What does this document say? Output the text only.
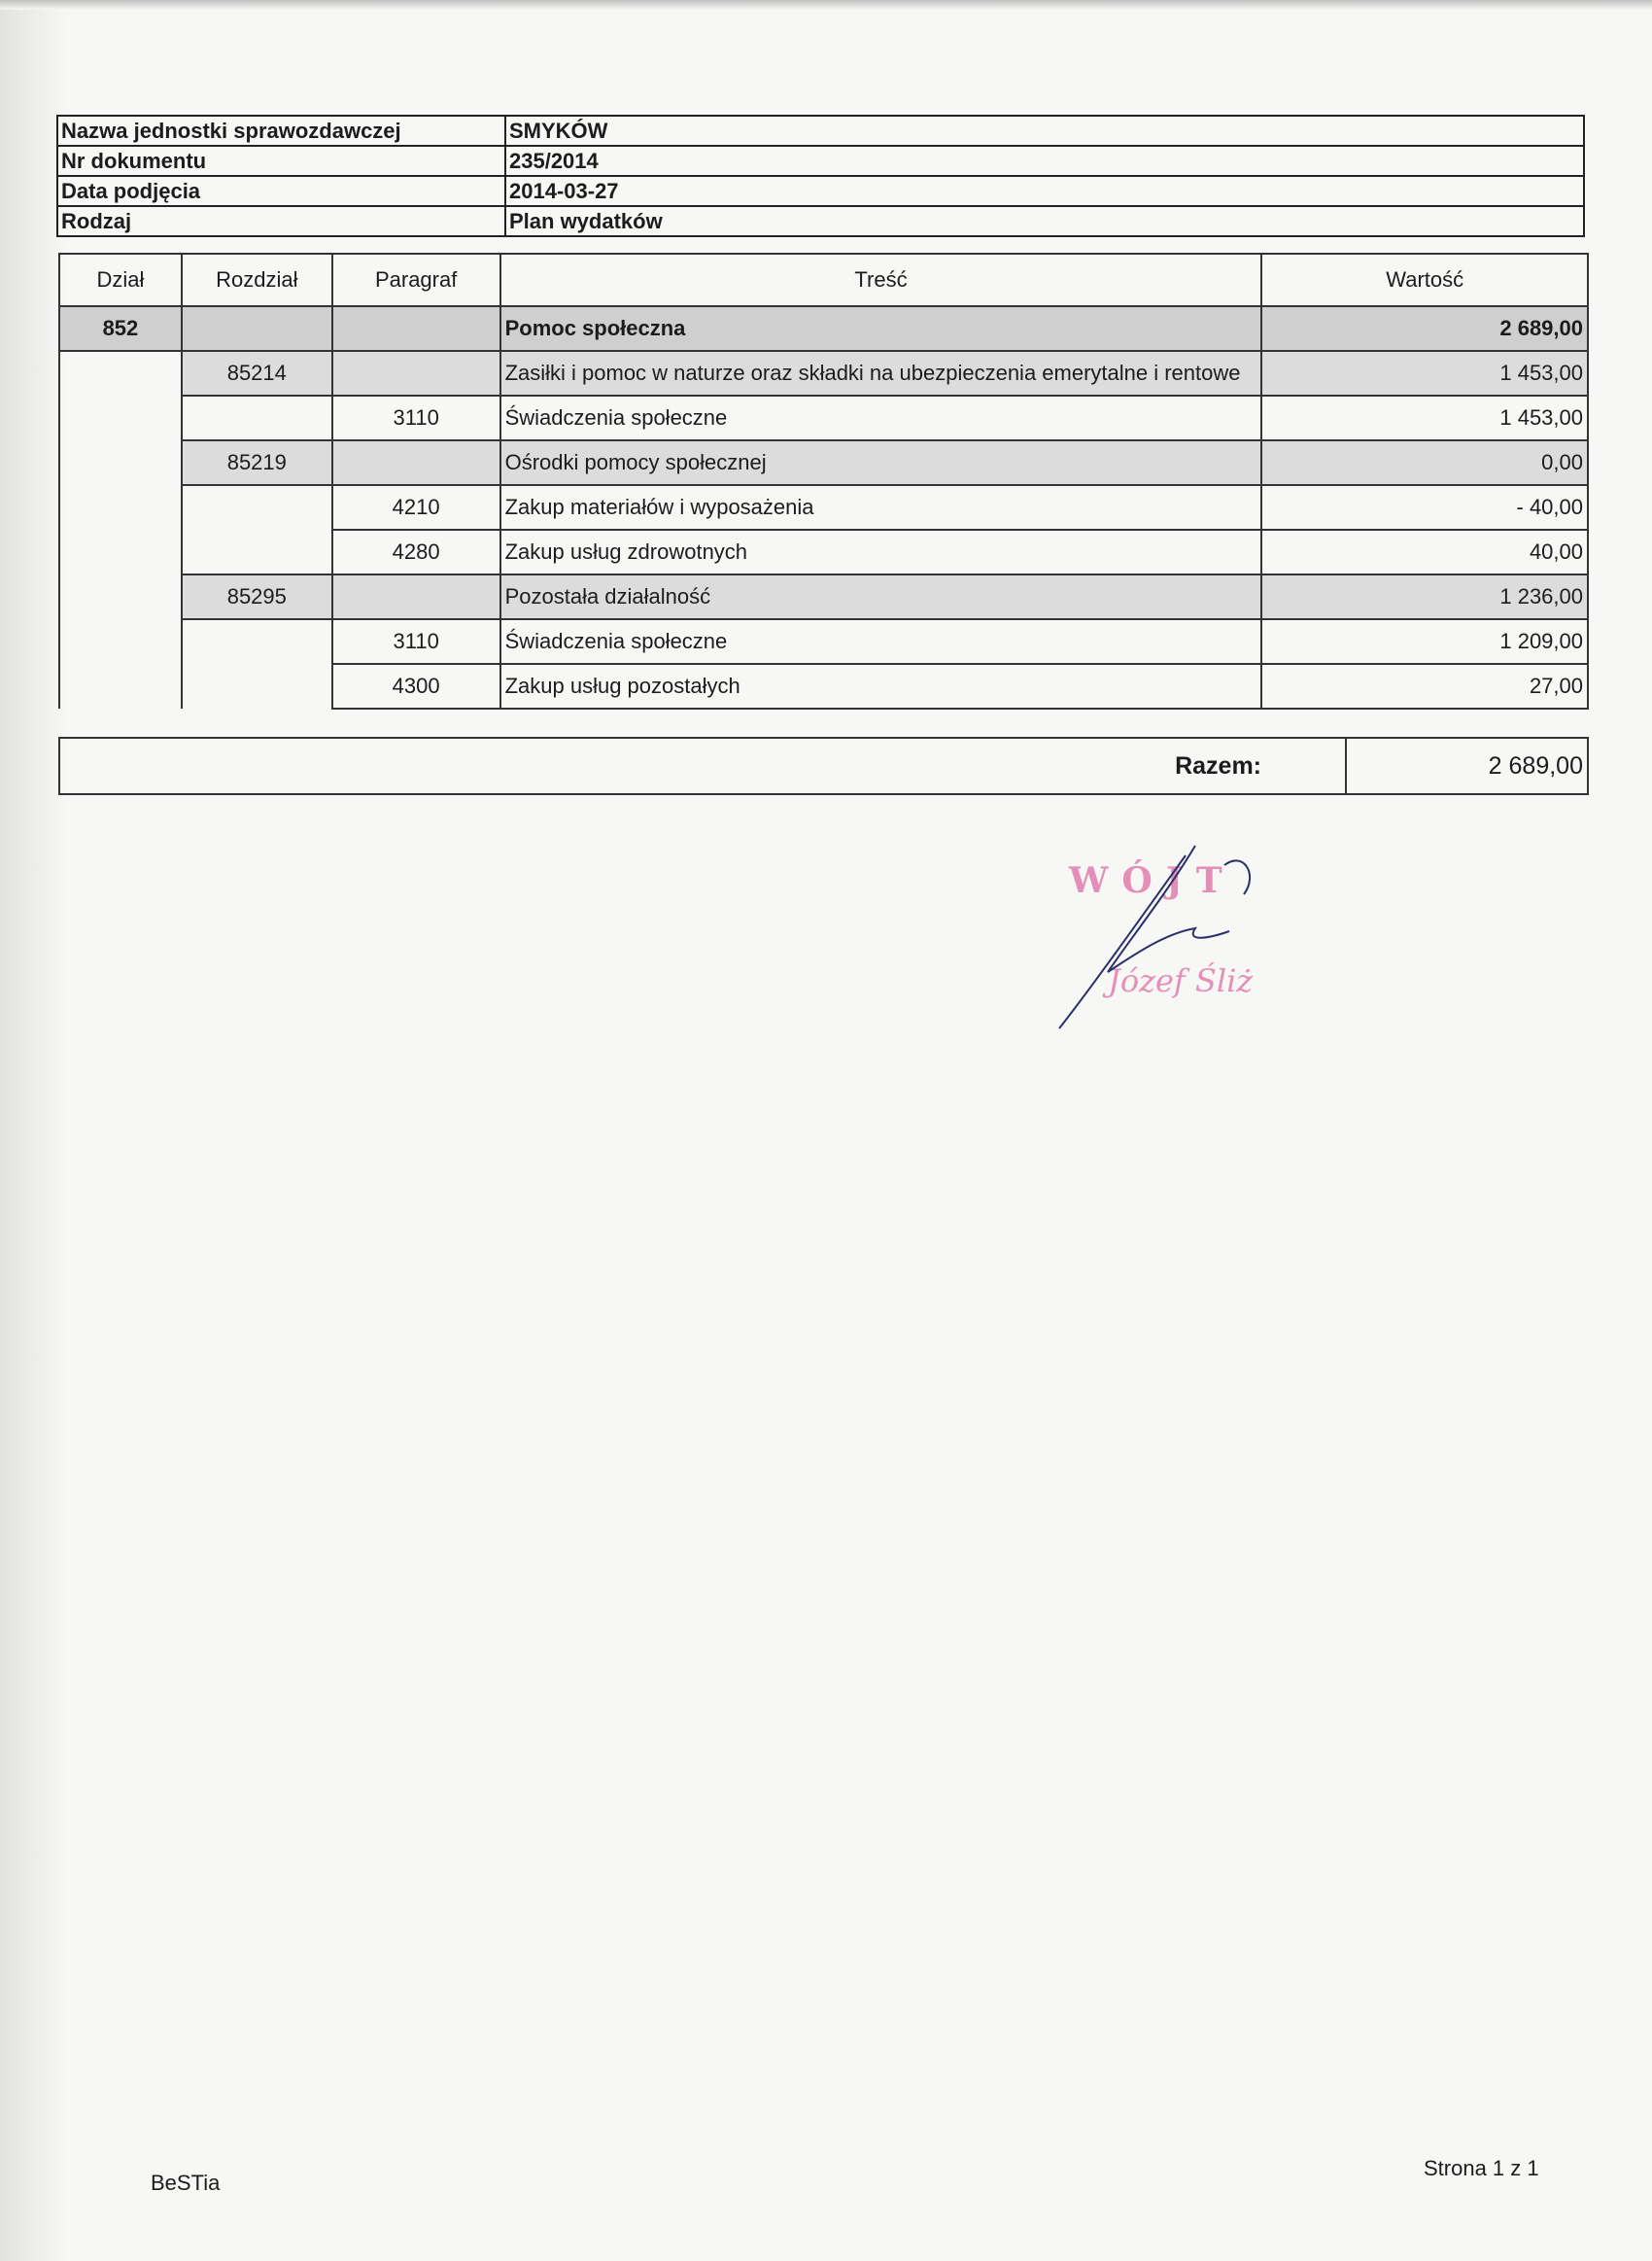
Nazwa jednostki sprawozdawczej	SMYKÓW
Nr dokumentu	235/2014
Data podjęcia	2014-03-27
Rodzaj	Plan wydatków
Dział	Rozdział	Paragraf	Treść	Wartość
852			Pomoc społeczna	2 689,00
	85214		Zasiłki i pomoc w naturze oraz składki na ubezpieczenia emerytalne i rentowe	1 453,00
		3110	Świadczenia społeczne	1 453,00
	85219		Ośrodki pomocy społecznej	0,00
		4210	Zakup materiałów i wyposażenia	- 40,00
		4280	Zakup usług zdrowotnych	40,00
	85295		Pozostała działalność	1 236,00
		3110	Świadczenia społeczne	1 209,00
		4300	Zakup usług pozostałych	27,00
Razem:	2 689,00
WÓJT
Józef Śliż
BeSTia
Strona 1 z 1
